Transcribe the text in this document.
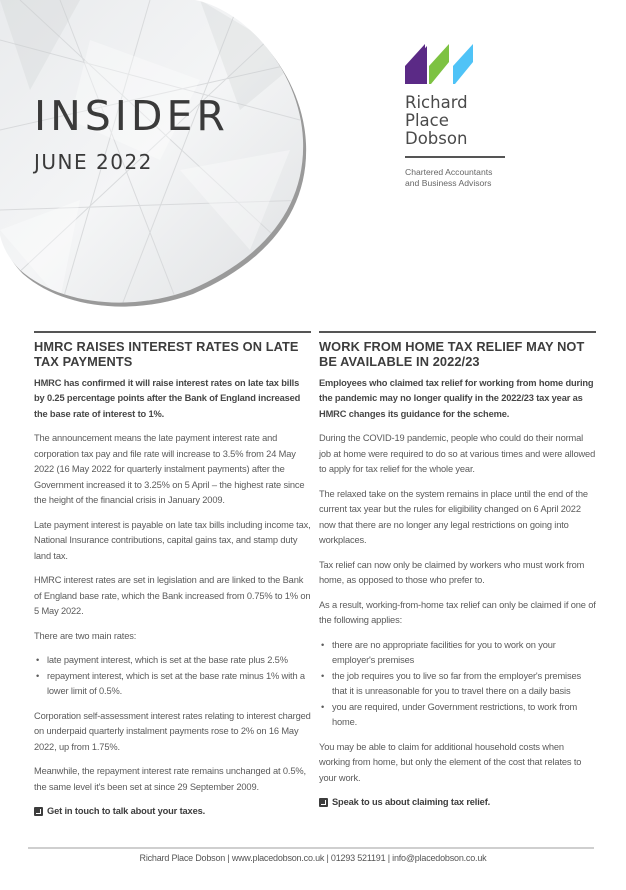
INSIDER
JUNE 2022
Richard
Place
Dobson
Chartered Accountants
and Business Advisors
HMRC RAISES INTEREST RATES ON LATE TAX PAYMENTS

HMRC has confirmed it will raise interest rates on late tax bills by 0.25 percentage points after the Bank of England increased the base rate of interest to 1%.

The announcement means the late payment interest rate and corporation tax pay and file rate will increase to 3.5% from 24 May 2022 (16 May 2022 for quarterly instalment payments) after the Government increased it to 3.25% on 5 April – the highest rate since the height of the financial crisis in January 2009.

Late payment interest is payable on late tax bills including income tax, National Insurance contributions, capital gains tax, and stamp duty land tax.

HMRC interest rates are set in legislation and are linked to the Bank of England base rate, which the Bank increased from 0.75% to 1% on 5 May 2022.

There are two main rates:

• late payment interest, which is set at the base rate plus 2.5%
• repayment interest, which is set at the base rate minus 1% with a lower limit of 0.5%.

Corporation self-assessment interest rates relating to interest charged on underpaid quarterly instalment payments rose to 2% on 16 May 2022, up from 1.75%.

Meanwhile, the repayment interest rate remains unchanged at 0.5%, the same level it's been set at since 29 September 2009.

Get in touch to talk about your taxes.
WORK FROM HOME TAX RELIEF MAY NOT BE AVAILABLE IN 2022/23

Employees who claimed tax relief for working from home during the pandemic may no longer qualify in the 2022/23 tax year as HMRC changes its guidance for the scheme.

During the COVID-19 pandemic, people who could do their normal job at home were required to do so at various times and were allowed to apply for tax relief for the whole year.

The relaxed take on the system remains in place until the end of the current tax year but the rules for eligibility changed on 6 April 2022 now that there are no longer any legal restrictions on going into workplaces.

Tax relief can now only be claimed by workers who must work from home, as opposed to those who prefer to.

As a result, working-from-home tax relief can only be claimed if one of the following applies:

• there are no appropriate facilities for you to work on your employer's premises
• the job requires you to live so far from the employer's premises that it is unreasonable for you to travel there on a daily basis
• you are required, under Government restrictions, to work from home.

You may be able to claim for additional household costs when working from home, but only the element of the cost that relates to your work.

Speak to us about claiming tax relief.
Richard Place Dobson | www.placedobson.co.uk | 01293 521191 | info@placedobson.co.uk
